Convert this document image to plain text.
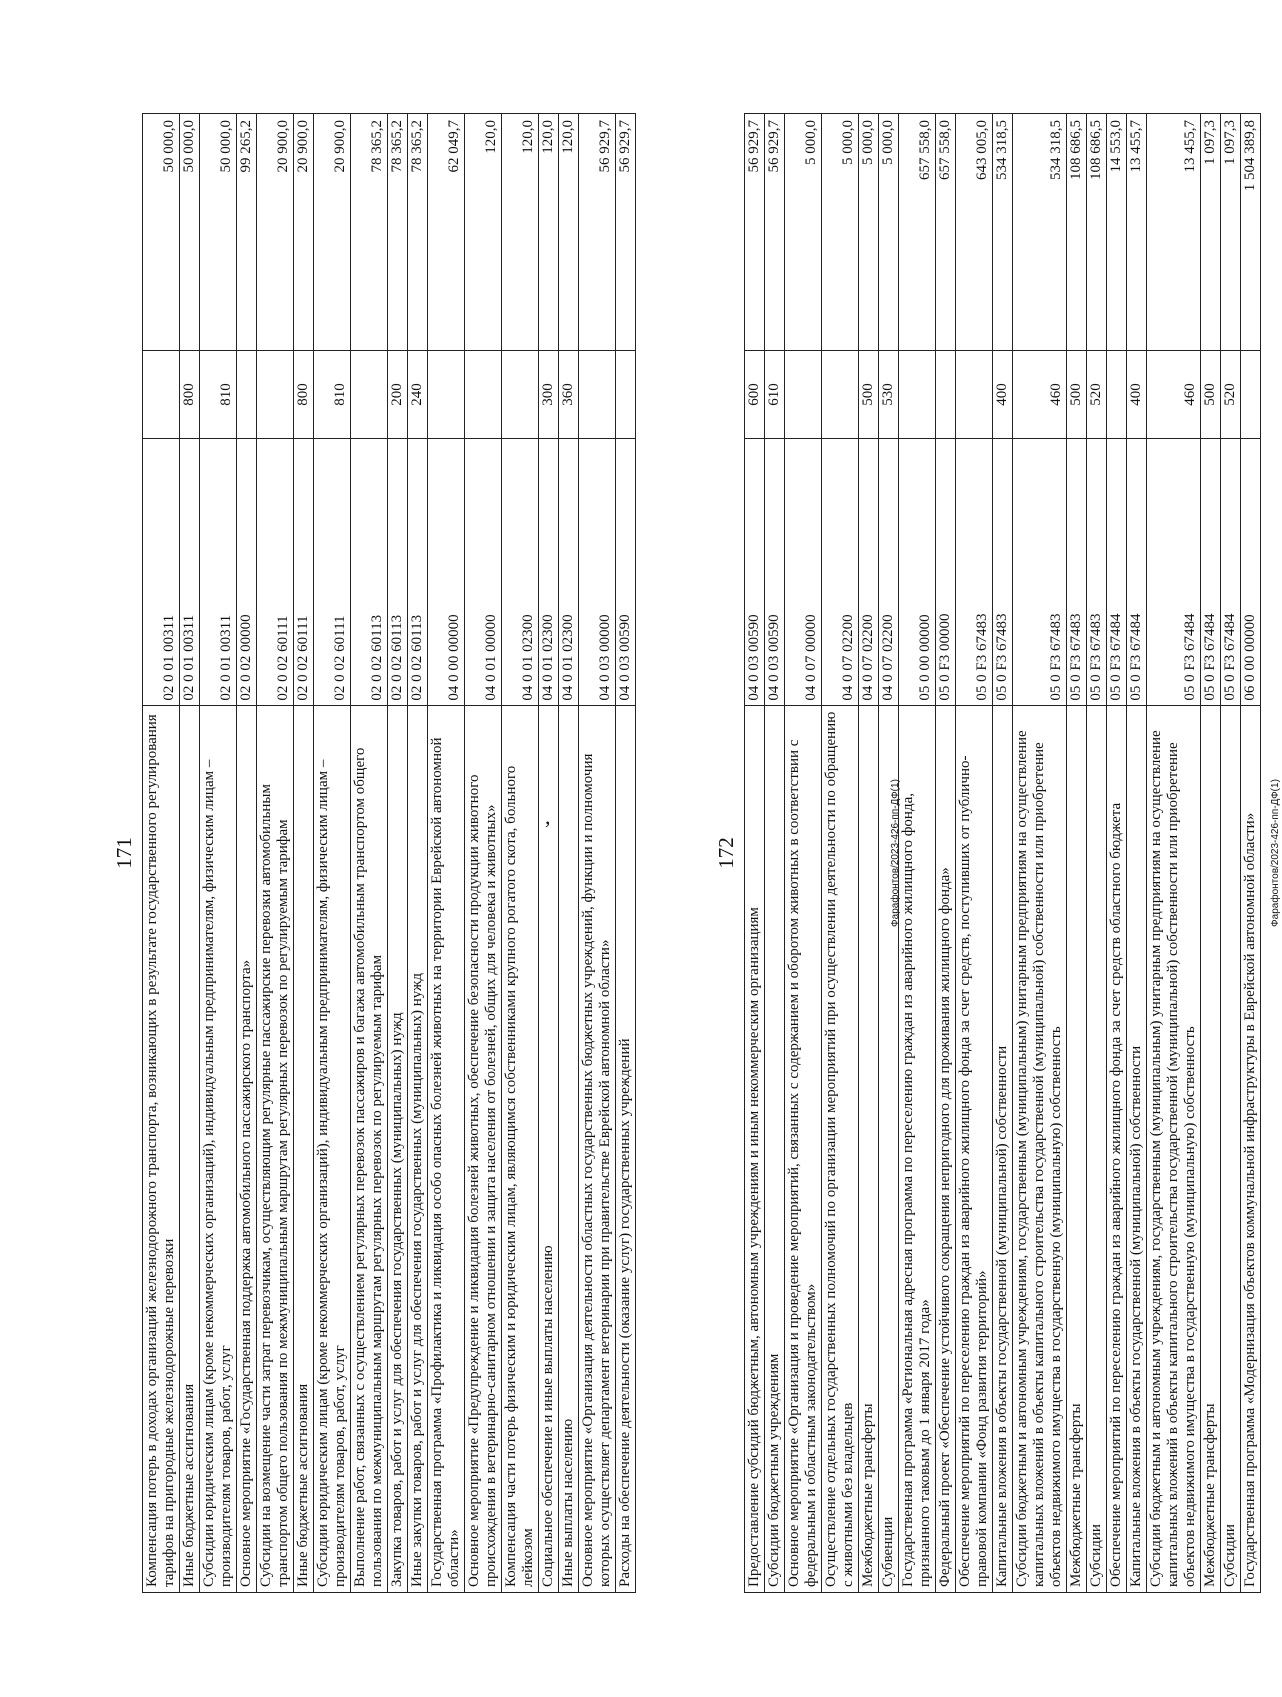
,
171 Компенсация потерь в доходах организаций железнодорожного транспорта, возникающих в результате государственного регулирования тарифов на пригородные железнодорожные перевозки	02 0 01 00311		50 000,0
Иные бюджетные ассигнования	02 0 01 00311	800	50 000,0
Субсидии юридическим лицам (кроме некоммерческих организаций), индивидуальным предпринимателям, физическим лицам – производителям товаров, работ, услуг	02 0 01 00311	810	50 000,0
Основное мероприятие «Государственная поддержка автомобильного пассажирского транспорта»	02 0 02 00000		99 265,2
Субсидии на возмещение части затрат перевозчикам, осуществляющим регулярные пассажирские перевозки автомобильным транспортом общего пользования по межмуниципальным маршрутам регулярных перевозок по регулируемым тарифам	02 0 02 60111		20 900,0
Иные бюджетные ассигнования	02 0 02 60111	800	20 900,0
Субсидии юридическим лицам (кроме некоммерческих организаций), индивидуальным предпринимателям, физическим лицам – производителям товаров, работ, услуг	02 0 02 60111	810	20 900,0
Выполнение работ, связанных с осуществлением регулярных перевозок пассажиров и багажа автомобильным транспортом общего пользования по межмуниципальным маршрутам регулярных перевозок по регулируемым тарифам	02 0 02 60113		78 365,2
Закупка товаров, работ и услуг для обеспечения государственных (муниципальных) нужд	02 0 02 60113	200	78 365,2
Иные закупки товаров, работ и услуг для обеспечения государственных (муниципальных) нужд	02 0 02 60113	240	78 365,2
Государственная программа «Профилактика и ликвидация особо опасных болезней животных на территории Еврейской автономной области»	04 0 00 00000		62 049,7
Основное мероприятие «Предупреждение и ликвидация болезней животных, обеспечение безопасности продукции животного происхождения в ветеринарно-санитарном отношении и защита населения от болезней, общих для человека и животных»	04 0 01 00000		120,0
Компенсация части потерь физическим и юридическим лицам, являющимся собственниками крупного рогатого скота, больного лейкозом	04 0 01 02300		120,0
Социальное обеспечение и иные выплаты населению	04 0 01 02300	300	120,0
Иные выплаты населению	04 0 01 02300	360	120,0
Основное мероприятие «Организация деятельности областных государственных бюджетных учреждений, функции и полномочия которых осуществляет департамент ветеринарии при правительстве Еврейской автономной области»	04 0 03 00000		56 929,7
Расходы на обеспечение деятельности (оказание услуг) государственных учреждений	04 0 03 00590		56 929,7
Фарафонтов/2023-426-пп-ДФ(1)
172
Предоставление субсидий бюджетным, автономным учреждениям и иным некоммерческим организациям	04 0 03 00590	600	56 929,7
Субсидии бюджетным учреждениям	04 0 03 00590	610	56 929,7
Основное мероприятие «Организация и проведение мероприятий, связанных с содержанием и оборотом животных в соответствии с федеральным и областным законодательством»	04 0 07 00000		5 000,0
Осуществление отдельных государственных полномочий по организации мероприятий при осуществлении деятельности по обращению с животными без владельцев	04 0 07 02200		5 000,0
Межбюджетные трансферты	04 0 07 02200	500	5 000,0
Субвенции	04 0 07 02200	530	5 000,0
Государственная программа «Региональная адресная программа по переселению граждан из аварийного жилищного фонда, признанного таковым до 1 января 2017 года»	05 0 00 00000		657 558,0
Федеральный проект «Обеспечение устойчивого сокращения непригодного для проживания жилищного фонда»	05 0 F3 00000		657 558,0
Обеспечение мероприятий по переселению граждан из аварийного жилищного фонда за счет средств, поступивших от публично-правовой компании «Фонд развития территорий»	05 0 F3 67483		643 005,0
Капитальные вложения в объекты государственной (муниципальной) собственности	05 0 F3 67483	400	534 318,5
Субсидии бюджетным и автономным учреждениям, государственным (муниципальным) унитарным предприятиям на осуществление капитальных вложений в объекты капитального строительства государственной (муниципальной) собственности или приобретение объектов недвижимого имущества в государственную (муниципальную) собственность	05 0 F3 67483	460	534 318,5
Межбюджетные трансферты	05 0 F3 67483	500	108 686,5
Субсидии	05 0 F3 67483	520	108 686,5
Обеспечение мероприятий по переселению граждан из аварийного жилищного фонда за счет средств областного бюджета	05 0 F3 67484		14 553,0
Капитальные вложения в объекты государственной (муниципальной) собственности	05 0 F3 67484	400	13 455,7
Субсидии бюджетным и автономным учреждениям, государственным (муниципальным) унитарным предприятиям на осуществление капитальных вложений в объекты капитального строительства государственной (муниципальной) собственности или приобретение объектов недвижимого имущества в государственную (муниципальную) собственность	05 0 F3 67484	460	13 455,7
Межбюджетные трансферты	05 0 F3 67484	500	1 097,3
Субсидии	05 0 F3 67484	520	1 097,3
Государственная программа «Модернизация объектов коммунальной инфраструктуры в Еврейской автономной области»	06 0 00 00000		1 504 389,8
Фарафонтов/2023-426-пп-ДФ(1)
